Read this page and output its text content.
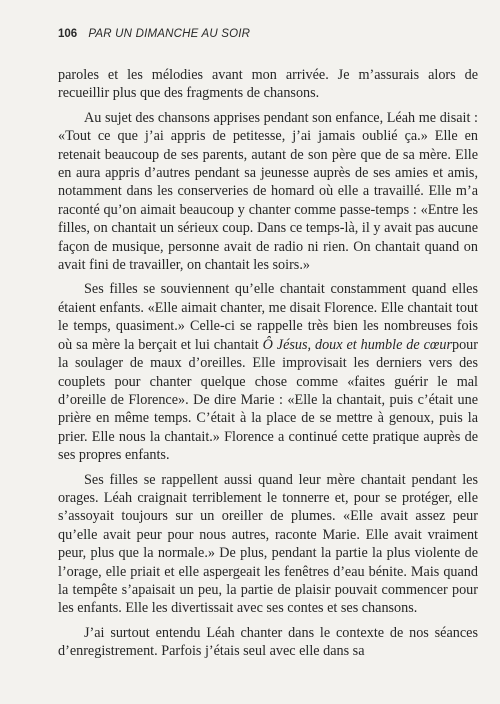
106 PAR UN DIMANCHE AU SOIR

paroles et les mélodies avant mon arrivée. Je m’assurais alors de recueillir plus que des fragments de chansons.

Au sujet des chansons apprises pendant son enfance, Léah me disait : «Tout ce que j’ai appris de petitesse, j’ai jamais oublié ça.» Elle en retenait beaucoup de ses parents, autant de son père que de sa mère. Elle en aura appris d’autres pendant sa jeunesse auprès de ses amies et amis, notamment dans les conserveries de homard où elle a travaillé. Elle m’a raconté qu’on aimait beaucoup y chanter comme passe-temps : «Entre les filles, on chantait un sérieux coup. Dans ce temps-là, il y avait pas aucune façon de musique, personne avait de radio ni rien. On chantait quand on avait fini de travailler, on chantait les soirs.»

Ses filles se souviennent qu’elle chantait constamment quand elles étaient enfants. «Elle aimait chanter, me disait Florence. Elle chantait tout le temps, quasiment.» Celle-ci se rappelle très bien les nombreuses fois où sa mère la berçait et lui chantait Ô Jésus, doux et humble de cœurpour la soulager de maux d’oreilles. Elle improvisait les derniers vers des couplets pour chanter quelque chose comme «faites guérir le mal d’oreille de Florence». De dire Marie : «Elle la chantait, puis c’était une prière en même temps. C’était à la place de se mettre à genoux, puis la prier. Elle nous la chantait.» Florence a continué cette pratique auprès de ses propres enfants.

Ses filles se rappellent aussi quand leur mère chantait pendant les orages. Léah craignait terriblement le tonnerre et, pour se protéger, elle s’assoyait toujours sur un oreiller de plumes. «Elle avait assez peur qu’elle avait peur pour nous autres, raconte Marie. Elle avait vraiment peur, plus que la normale.» De plus, pendant la partie la plus violente de l’orage, elle priait et elle aspergeait les fenêtres d’eau bénite. Mais quand la tempête s’apaisait un peu, la partie de plaisir pouvait commencer pour les enfants. Elle les divertissait avec ses contes et ses chansons.

J’ai surtout entendu Léah chanter dans le contexte de nos séances d’enregistrement. Parfois j’étais seul avec elle dans sa
